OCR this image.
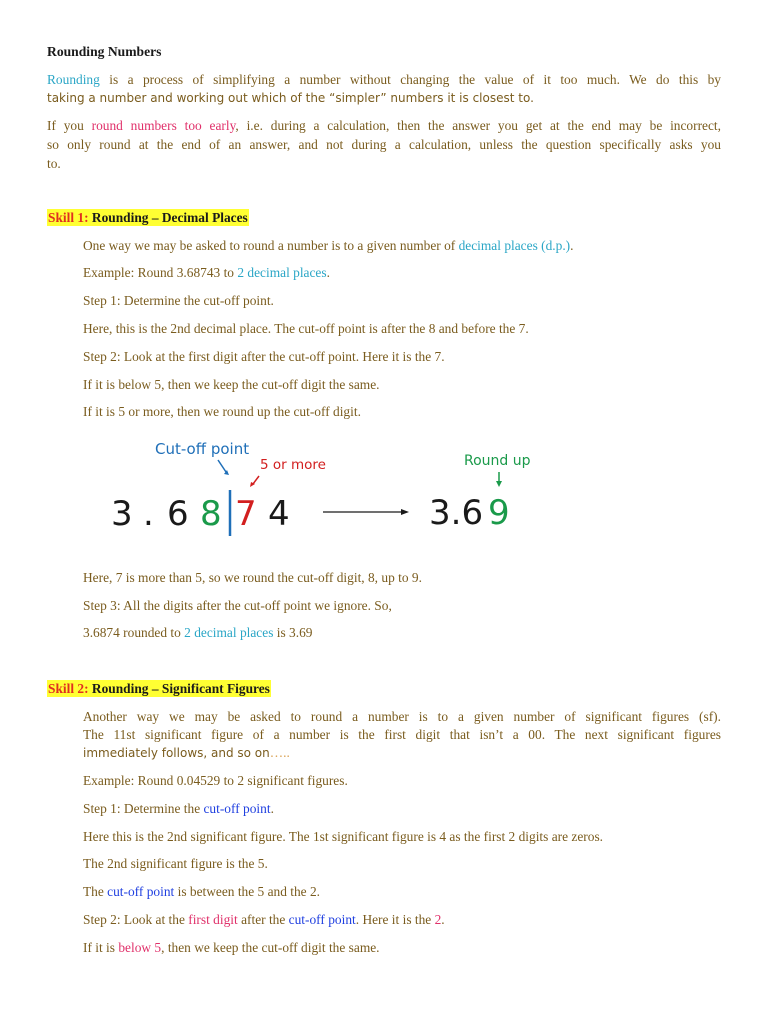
Rounding Numbers
Rounding is a process of simplifying a number without changing the value of it too much. We do this by
taking a number and working out which of the “simpler” numbers it is closest to.
If you round numbers too early, i.e. during a calculation, then the answer you get at the end may be incorrect,
so only round at the end of an answer, and not during a calculation, unless the question specifically asks you
to.
Skill 1: Rounding – Decimal Places
One way we may be asked to round a number is to a given number of decimal places (d.p.).
Example: Round 3.68743 to 2 decimal places.
Step 1: Determine the cut-off point.
Here, this is the 2nd decimal place. The cut-off point is after the 8 and before the 7.
Step 2: Look at the first digit after the cut-off point. Here it is the 7.
If it is below 5, then we keep the cut-off digit the same.
If it is 5 or more, then we round up the cut-off digit.
Cut-off point
5 or more	Round up
3 . 6 8 7 4	3.6 9
Here, 7 is more than 5, so we round the cut-off digit, 8, up to 9.
Step 3: All the digits after the cut-off point we ignore. So,
3.6874 rounded to 2 decimal places is 3.69
Skill 2: Rounding – Significant Figures
Another way we may be asked to round a number is to a given number of significant figures (sf).
The 11st significant figure of a number is the first digit that isn’t a 00. The next significant figures
immediately follows, and so on…..
Example: Round 0.04529 to 2 significant figures.
Step 1: Determine the cut-off point.
Here this is the 2nd significant figure. The 1st significant figure is 4 as the first 2 digits are zeros.
The 2nd significant figure is the 5.
The cut-off point is between the 5 and the 2.
Step 2: Look at the first digit after the cut-off point. Here it is the 2.
If it is below 5, then we keep the cut-off digit the same.
